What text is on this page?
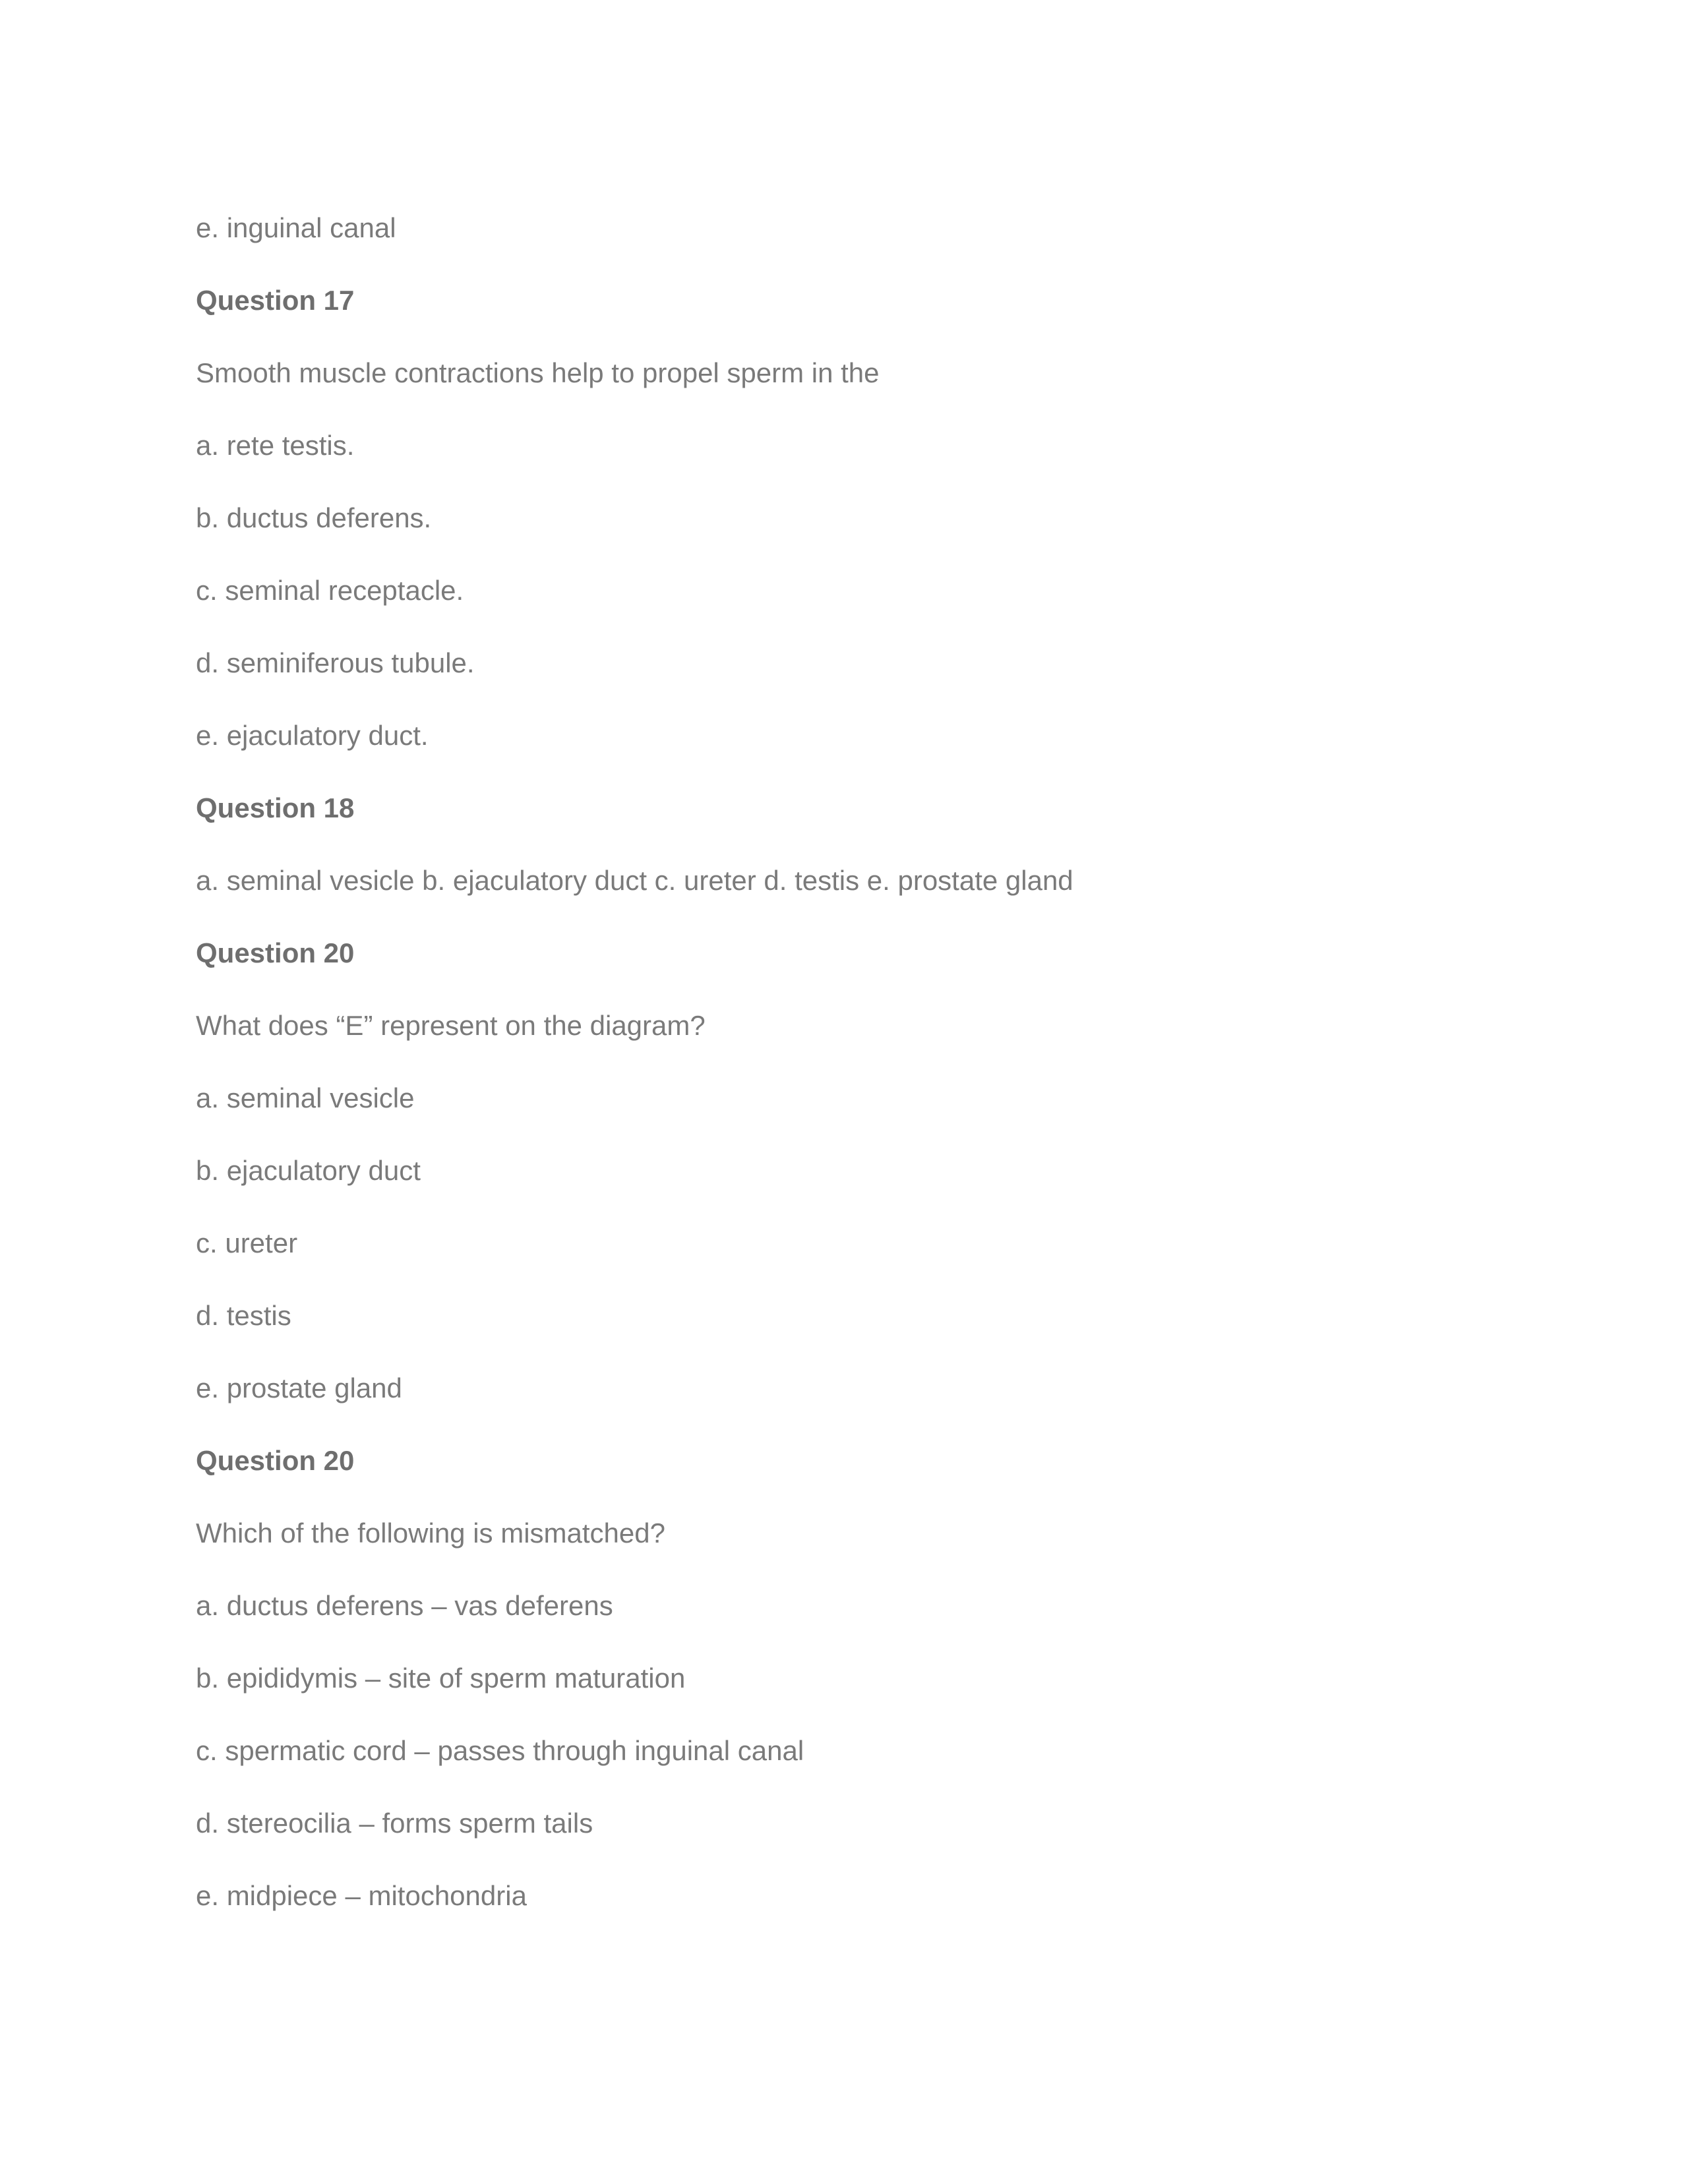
e. inguinal canal
Question 17
Smooth muscle contractions help to propel sperm in the
a. rete testis.
b. ductus deferens.
c. seminal receptacle.
d. seminiferous tubule.
e. ejaculatory duct.
Question 18
a. seminal vesicle b. ejaculatory duct c. ureter d. testis e. prostate gland
Question 20
What does “E” represent on the diagram?
a. seminal vesicle
b. ejaculatory duct
c. ureter
d. testis
e. prostate gland
Question 20
Which of the following is mismatched?
a. ductus deferens – vas deferens
b. epididymis – site of sperm maturation
c. spermatic cord – passes through inguinal canal
d. stereocilia – forms sperm tails
e. midpiece – mitochondria
